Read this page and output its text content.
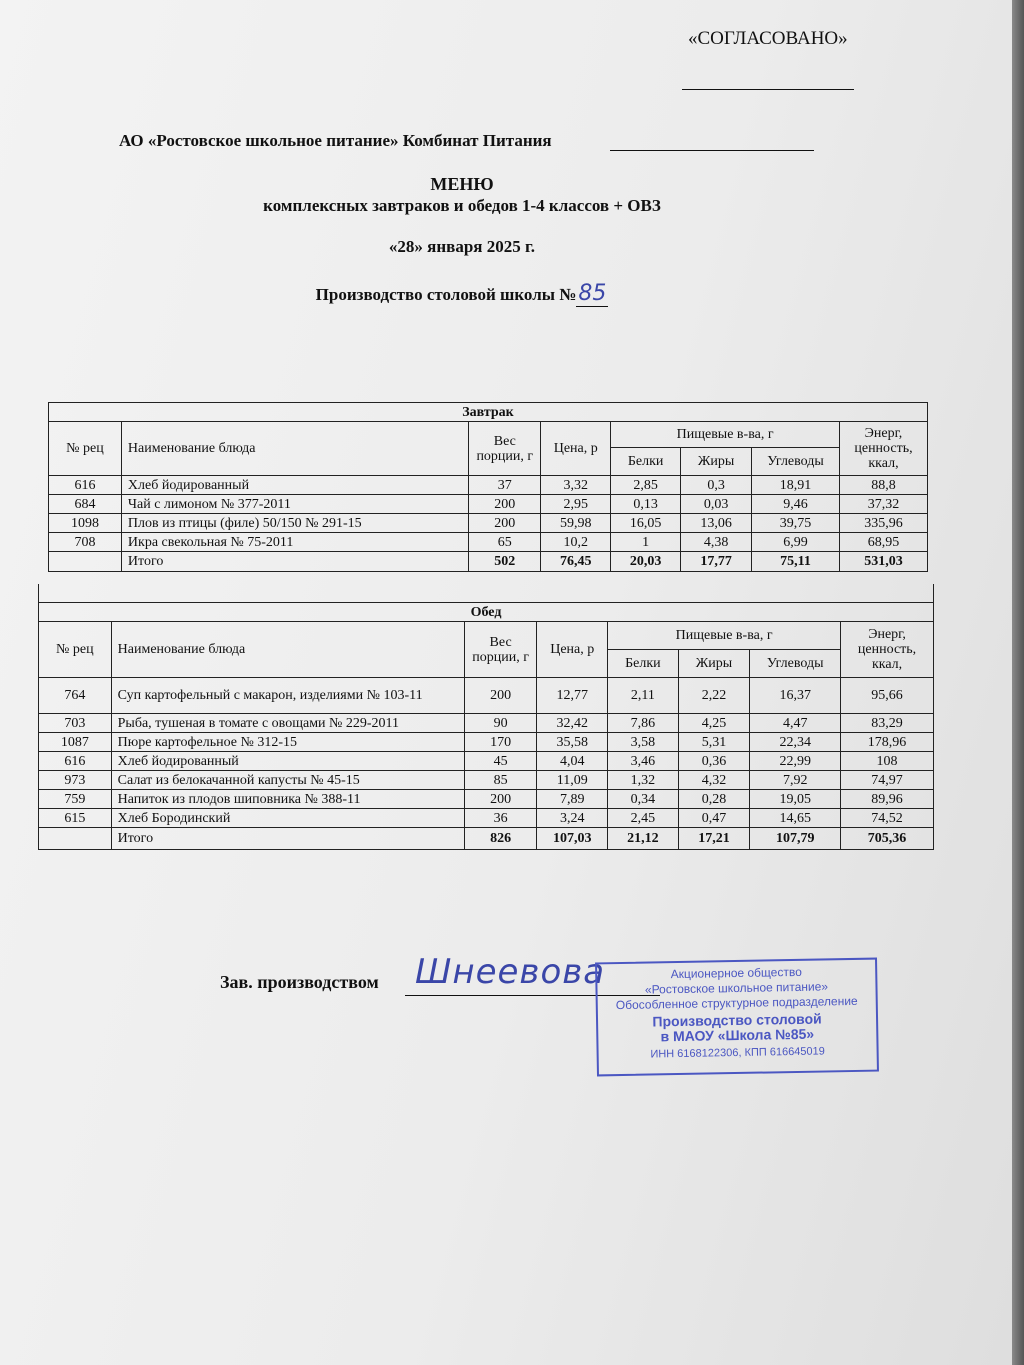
«СОГЛАСОВАНО»
АО «Ростовское школьное питание» Комбинат Питания
МЕНЮ
комплексных завтраков и обедов 1-4 классов + ОВЗ
«28» января 2025 г.
Производство столовой школы №85
Завтрак							
№ рец	Наименование блюда	Вес порции, г	Цена, р	Пищевые в-ва, г			Энерг, ценность, ккал,
				Белки	Жиры	Углеводы	
616	Хлеб йодированный	37	3,32	2,85	0,3	18,91	88,8
684	Чай с лимоном № 377-2011	200	2,95	0,13	0,03	9,46	37,32
1098	Плов из птицы (филе) 50/150 № 291-15	200	59,98	16,05	13,06	39,75	335,96
708	Икра свекольная № 75-2011	65	10,2	1	4,38	6,99	68,95
	Итого	502	76,45	20,03	17,77	75,11	531,03

Обед							
№ рец	Наименование блюда	Вес порции, г	Цена, р	Пищевые в-ва, г			Энерг, ценность, ккал,
				Белки	Жиры	Углеводы	
764	Суп картофельный с макарон, изделиями № 103-11	200	12,77	2,11	2,22	16,37	95,66
703	Рыба, тушеная в томате с овощами № 229-2011	90	32,42	7,86	4,25	4,47	83,29
1087	Пюре картофельное № 312-15	170	35,58	3,58	5,31	22,34	178,96
616	Хлеб йодированный	45	4,04	3,46	0,36	22,99	108
973	Салат из белокачанной капусты № 45-15	85	11,09	1,32	4,32	7,92	74,97
759	Напиток из плодов шиповника № 388-11	200	7,89	0,34	0,28	19,05	89,96
615	Хлеб Бородинский	36	3,24	2,45	0,47	14,65	74,52
	Итого	826	107,03	21,12	17,21	107,79	705,36
Зав. производством Шнеевова	Акционерное общество
«Ростовское школьное питание»
Обособленное структурное подразделение
Производство столовой
в МАОУ «Школа №85»
ИНН 6168122306, КПП 616645019
